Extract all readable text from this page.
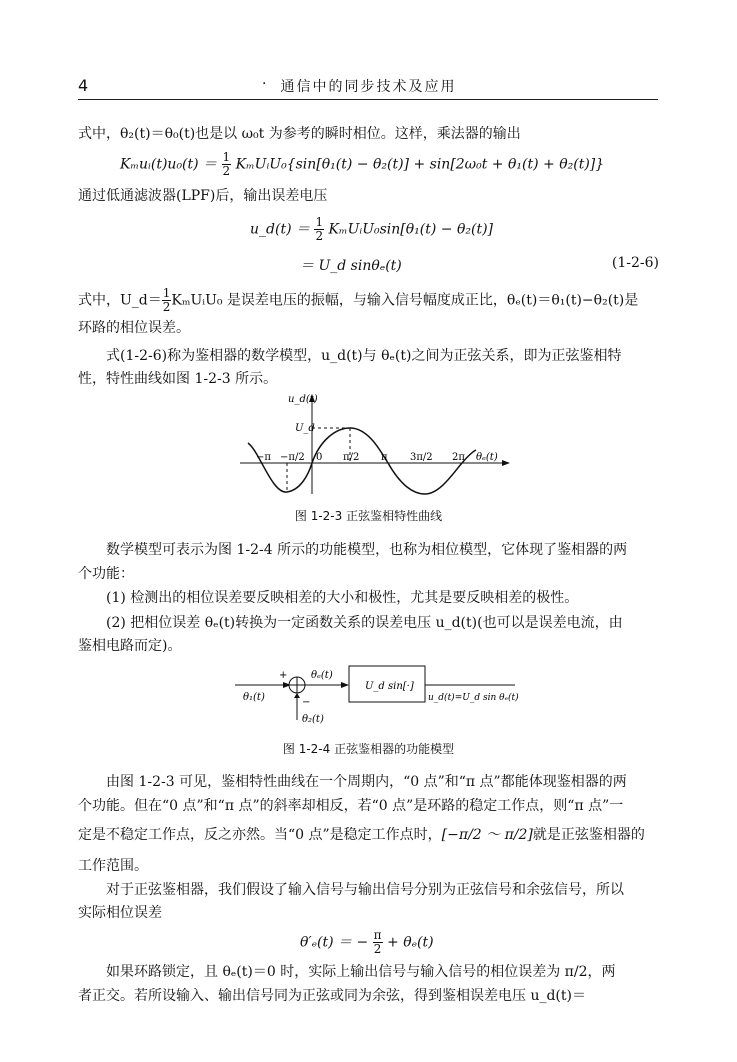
4	·	通信中的同步技术及应用
式中，θ₂(t)＝θ₀(t)也是以 ω₀t 为参考的瞬时相位。这样，乘法器的输出
Kₘuᵢ(t)u₀(t) ＝ $\frac{1}{2}$ KₘUᵢU₀{sin[θ₁(t) − θ₂(t)] + sin[2ω₀t + θ₁(t) + θ₂(t)]}
通过低通滤波器(LPF)后，输出误差电压
u_d(t) ＝ $\frac{1}{2}$ KₘUᵢU₀sin[θ₁(t) − θ₂(t)]
＝ U_d sinθₑ(t)	(1-2-6)
式中，U_d＝ $\frac{1}{2}$ KₘUᵢU₀ 是误差电压的振幅，与输入信号幅度成正比，θₑ(t)＝θ₁(t)−θ₂(t)是
环路的相位误差。
式(1-2-6)称为鉴相器的数学模型，u_d(t)与 θₑ(t)之间为正弦关系，即为正弦鉴相特
性，特性曲线如图 1-2-3 所示。
u_d(t)
U_d
−π −π/2 0 π/2 π 3π/2 2π θₑ(t)
图 1-2-3 正弦鉴相特性曲线
数学模型可表示为图 1-2-4 所示的功能模型，也称为相位模型，它体现了鉴相器的两
个功能：
(1) 检测出的相位误差要反映相差的大小和极性，尤其是要反映相差的极性。
(2) 把相位误差 θₑ(t)转换为一定函数关系的误差电压 u_d(t)(也可以是误差电流，由
鉴相电路而定)。
+
−
θₑ(t)
θ₁(t)
θ₂(t)
U_d sin[·]
u_d(t)=U_d sin θₑ(t)
图 1-2-4 正弦鉴相器的功能模型
由图 1-2-3 可见，鉴相特性曲线在一个周期内，“0 点”和“π 点”都能体现鉴相器的两
个功能。但在“0 点”和“π 点”的斜率却相反，若“0 点”是环路的稳定工作点，则“π 点”一
定是不稳定工作点，反之亦然。当“0 点”是稳定工作点时，[−π/2 ～ π/2]就是正弦鉴相器的
工作范围。
对于正弦鉴相器，我们假设了输入信号与输出信号分别为正弦信号和余弦信号，所以
实际相位误差
θ′ₑ(t) ＝ − $\frac{\pi}{2} + \theta_e(t)$
如果环路锁定，且 θₑ(t)＝0 时，实际上输出信号与输入信号的相位误差为 π/2，两
者正交。若所设输入、输出信号同为正弦或同为余弦，得到鉴相误差电压 u_d(t)＝
